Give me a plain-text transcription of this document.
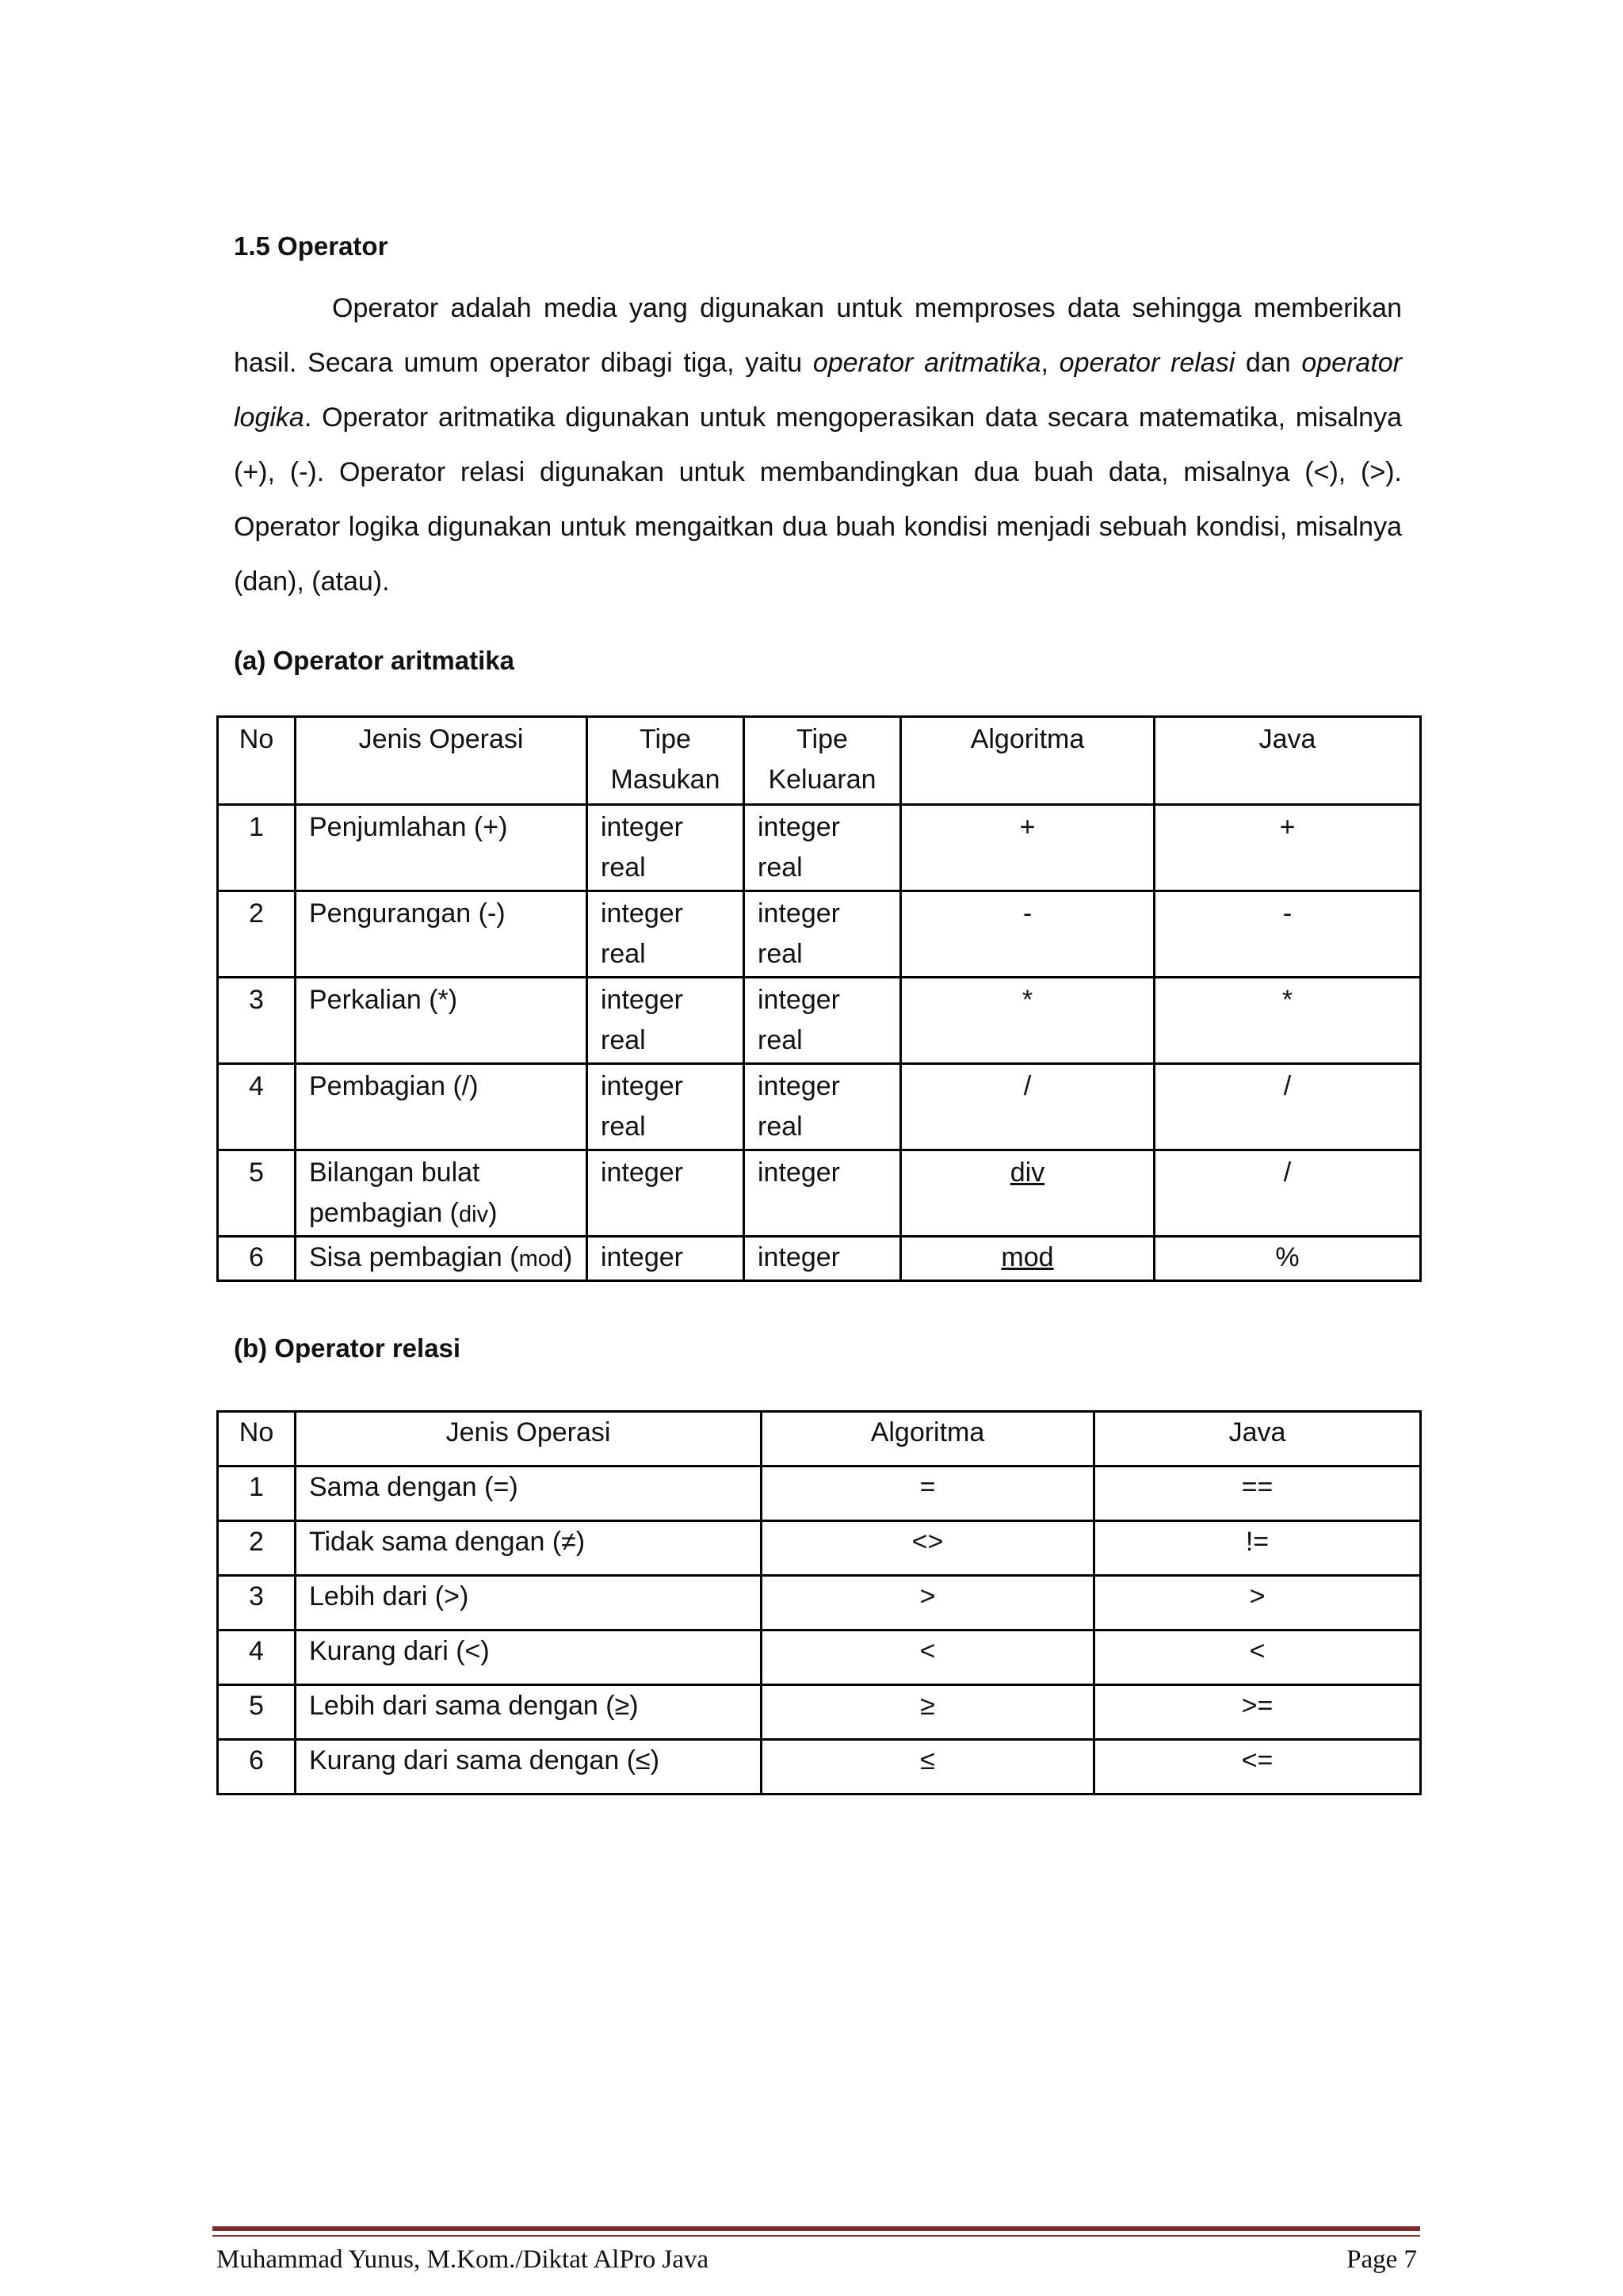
1.5 Operator

Operator adalah media yang digunakan untuk memproses data sehingga memberikan hasil. Secara umum operator dibagi tiga, yaitu operator aritmatika, operator relasi dan operator logika. Operator aritmatika digunakan untuk mengoperasikan data secara matematika, misalnya (+), (-). Operator relasi digunakan untuk membandingkan dua buah data, misalnya (<), (>). Operator logika digunakan untuk mengaitkan dua buah kondisi menjadi sebuah kondisi, misalnya (dan), (atau).

(a) Operator aritmatika
No	Jenis Operasi	Tipe Masukan	Tipe Keluaran	Algoritma	Java
1	Penjumlahan (+)	integer real	integer real	+	+
2	Pengurangan (-)	integer real	integer real	-	-
3	Perkalian (*)	integer real	integer real	*	*
4	Pembagian (/)	integer real	integer real	/	/
5	Bilangan bulat pembagian (div)	integer	integer	div	/
6	Sisa pembagian (mod)	integer	integer	mod	%
(b) Operator relasi
No	Jenis Operasi	Algoritma	Java
1	Sama dengan (=)	=	==
2	Tidak sama dengan (≠)	<>	!=
3	Lebih dari (>)	>	>
4	Kurang dari (<)	<	<
5	Lebih dari sama dengan (≥)	≥	>=
6	Kurang dari sama dengan (≤)	≤	<=
Muhammad Yunus, M.Kom./Diktat AlPro Java	Page 7
